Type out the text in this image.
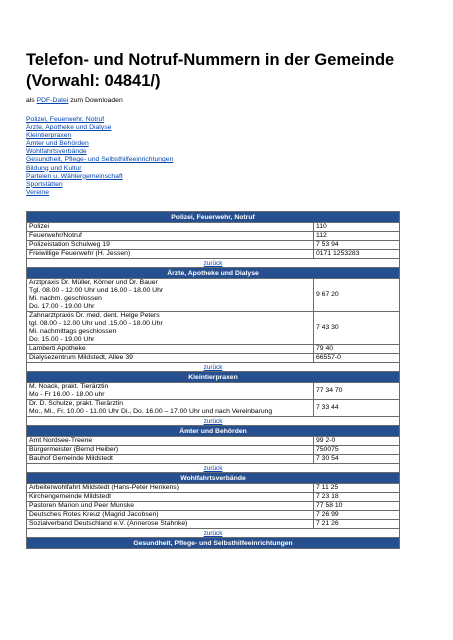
Telefon- und Notruf-Nummern in der Gemeinde (Vorwahl: 04841/)
als PDF-Datei zum Downloaden
Polizei, Feuerwehr, Notruf
Ärzte, Apotheke und Dialyse
Kleintierpraxen
Ämter und Behörden
Wohlfahrtsverbände
Gesundheit, Pflege- und Selbsthilfeeinrichtungen
Bildung und Kultur
Parteien u. Wählergemeinschaft
Sportstätten
Vereine
Polizei, Feuerwehr, Notruf	
Polizei	110
Feuerwehr/Notruf	112
Polizeistation Schulweg 19	7 53 94
Freiwillige Feuerwehr (H. Jessen)	0171 1253283
zurück	
Ärzte, Apotheke und Dialyse	

Arztpraxis Dr. Müller, Körner und Dr. Bauer
Tgl. 08.00 - 12.00 Uhr und 16.00 - 18.00 Uhr
Mi. nachm. geschlossen
Do. 17.00 - 19.00 Uhr	9 67 20

Zahnarztpraxis Dr. med. dent. Helge Peters
tgl. 08.00 - 12.00 Uhr und .15.00 - 18.00 Uhr
Mi. nachmittags geschlossen
Do. 15.00 - 19.00 Uhr	7 43 30
Lamberti Apotheke	79 40
Dialysezentrum Mildstedt, Allee 39	66557-0
zurück	
Kleintierpraxen	

M. Noack, prakt. Tierärztin
Mo - Fr 16.00 - 18.00 uhr	77 34 70

Dr. D. Schulze, prakt. Tierärztin
Mo., Mi., Fr. 10.00 - 11.00 Uhr Di., Do. 16.00 – 17.00 Uhr und nach Vereinbarung	7 33 44
zurück	
Ämter und Behörden	
Amt Nordsee-Treene	99 2-0
Bürgermeister (Bernd Heiber)	750075
Bauhof Gemeinde Mildstedt	7 30 54
zurück	
Wohlfahrtsverbände	
Arbeiterwohlfahrt Mildstedt (Hans-Peter Henkens)	7 11 25
Kirchengemeinde Mildstedt	7 23 18
Pastoren Marion und Peer Munske	77 58 10
Deutsches Rotes Kreuz (Magrid Jacobsen)	7 26 99
Sozialverband Deutschland e.V. (Annerose Stahnke)	7 21 26
zurück	
Gesundheit, Pflege- und Selbsthilfeeinrichtungen	
